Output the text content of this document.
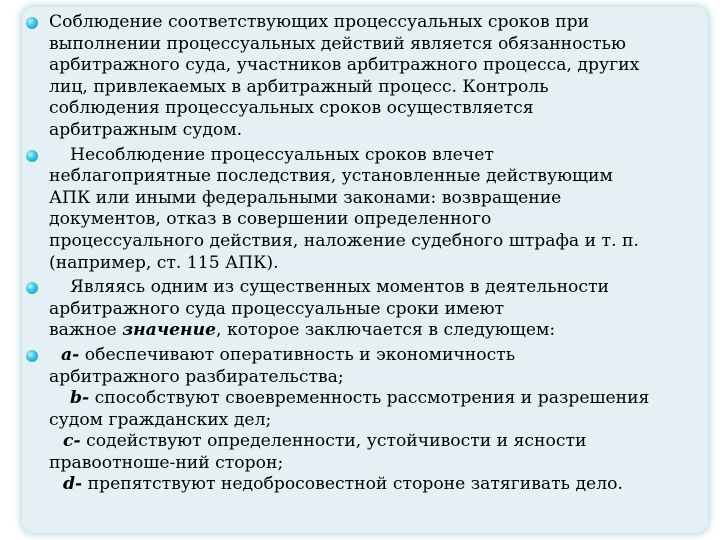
Соблюдение соответствующих процессуальных сроков при
выполнении процессуальных действий является обязанностью
арбитражного суда, участников арбитражного процесса, других
лиц, привлекаемых в арбитражный процесс. Контроль
соблюдения процессуальных сроков осуществляется
арбитражным судом.
Несоблюдение процессуальных сроков влечет
неблагоприятные последствия, установленные действующим
АПК или иными федеральными законами: возвращение
документов, отказ в совершении определенного
процессуального действия, наложение судебного штрафа и т. п.
(например, ст. 115 АПК).
Являясь одним из существенных моментов в деятельности
арбитражного суда процессуальные сроки имеют
важное значение, которое заключается в следующем:
а- обеспечивают оперативность и экономичность
арбитражного разбирательства;
b- способствуют своевременность рассмотрения и разрешения
судом гражданских дел;
с- содействуют определенности, устойчивости и ясности
правоотноше-ний сторон;
d- препятствуют недобросовестной стороне затягивать дело.
